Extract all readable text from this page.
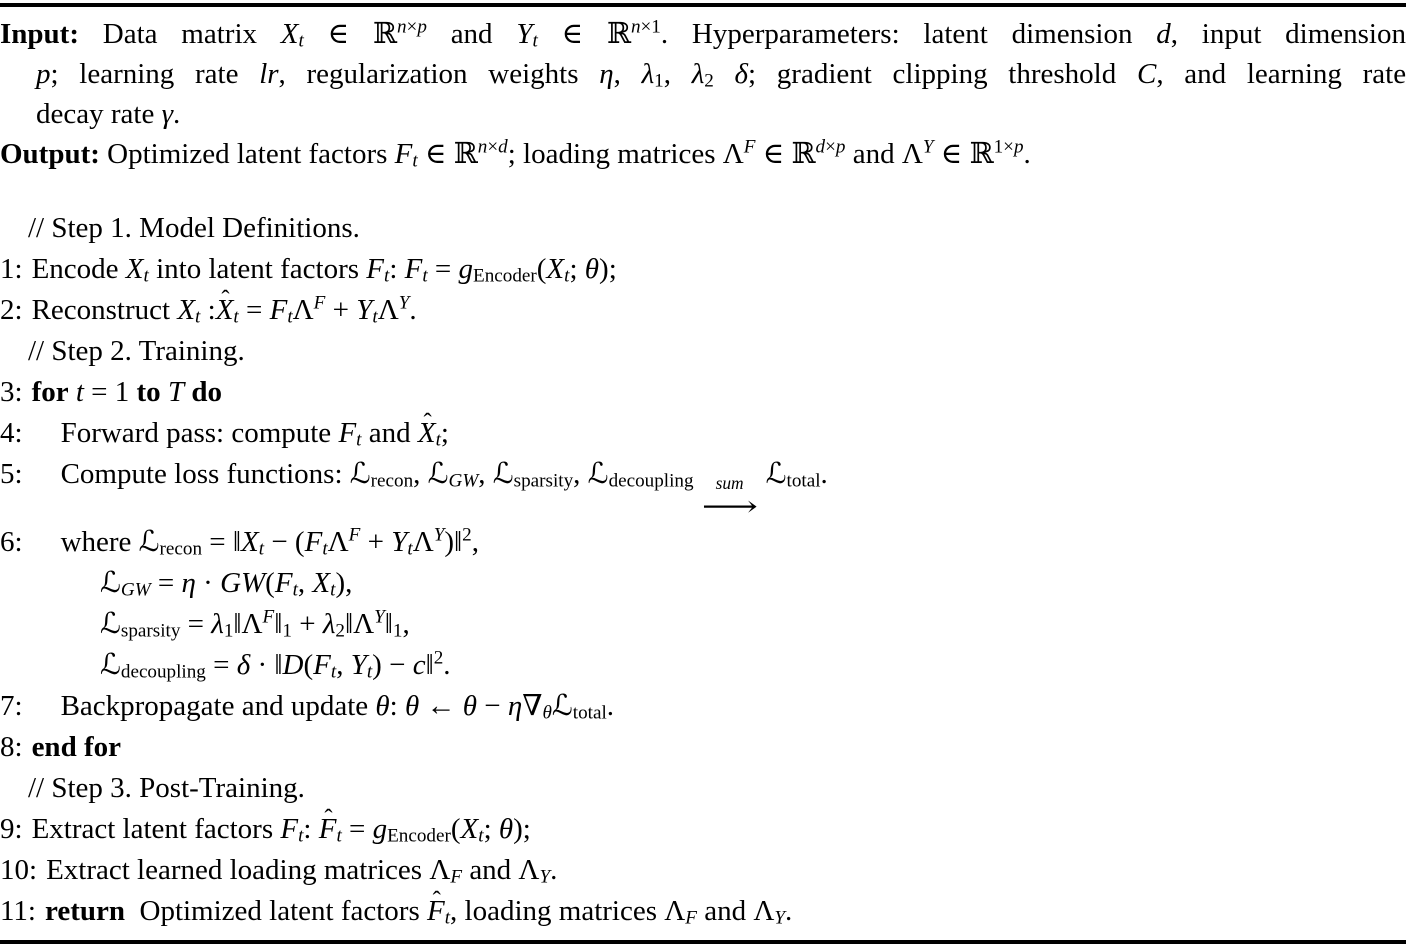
Input: Data matrix $X_t$ ∈ ℝ$^{n\times p}$ and $Y_t$ ∈ ℝ$^{n\times 1}$. Hyperparameters: latent dimension d, input dimension
p; learning rate lr, regularization weights η, $\lambda_1$, $\lambda_2$ δ; gradient clipping threshold C, and learning rate
decay rate γ.
Output: Optimized latent factors $F_t$ ∈ ℝ$^{n\times d}$; loading matrices $\Lambda^F$ ∈ ℝ$^{d\times p}$ and $\Lambda^Y$ ∈ ℝ$^{1\times p}$.
// Step 1. Model Definitions.
1: Encode $X_t$ into latent factors $F_t$: $F_t = g_{Encoder}(X_t$; θ);
2: Reconstruct $X_t$ :X ˆ$_t$ = $F_t\Lambda^F + Y_t\Lambda^Y$.
// Step 2. Training.
3: for t = 1 to T do
4: Forward pass: compute $F_t$ and X ˆ$_t$;
5: Compute loss functions: ℒ$_{recon}$, ℒ$_{GW}$, ℒ$_{sparsity}$, ℒ$_{decoupling}$ sum
⟶
ℒ$_{total}$.
6: where ℒ$_{recon}$ = $‖X_t - (F_t\Lambda^F$ + $Y_t\Lambda^Y)‖^2$,
ℒ$_{GW}$ = $\eta \cdot GW(F_t$, $X_t$),
ℒ$_{sparsity}$ = $\lambda_1‖\Lambda^F‖_1$ + $\lambda_2‖\Lambda^Y‖_1$,
ℒ$_{decoupling}$ = $\delta \cdot ‖D(F_t$, $Y_t$) − c‖$^2$.
7: Backpropagate and update θ: θ ← $\theta - \eta\nabla_\theta ℒ_{total}$.
8: end for
// Step 3. Post-Training.
9: Extract latent factors $F_t$: F ˆ$_t$ = $g_{Encoder}(X_t$; θ);
10: Extract learned loading matrices $\Lambda_F$ and $\Lambda_Y$.
11: return Optimized latent factors F ˆ$_t$, loading matrices $\Lambda_F$ and $\Lambda_Y$.
